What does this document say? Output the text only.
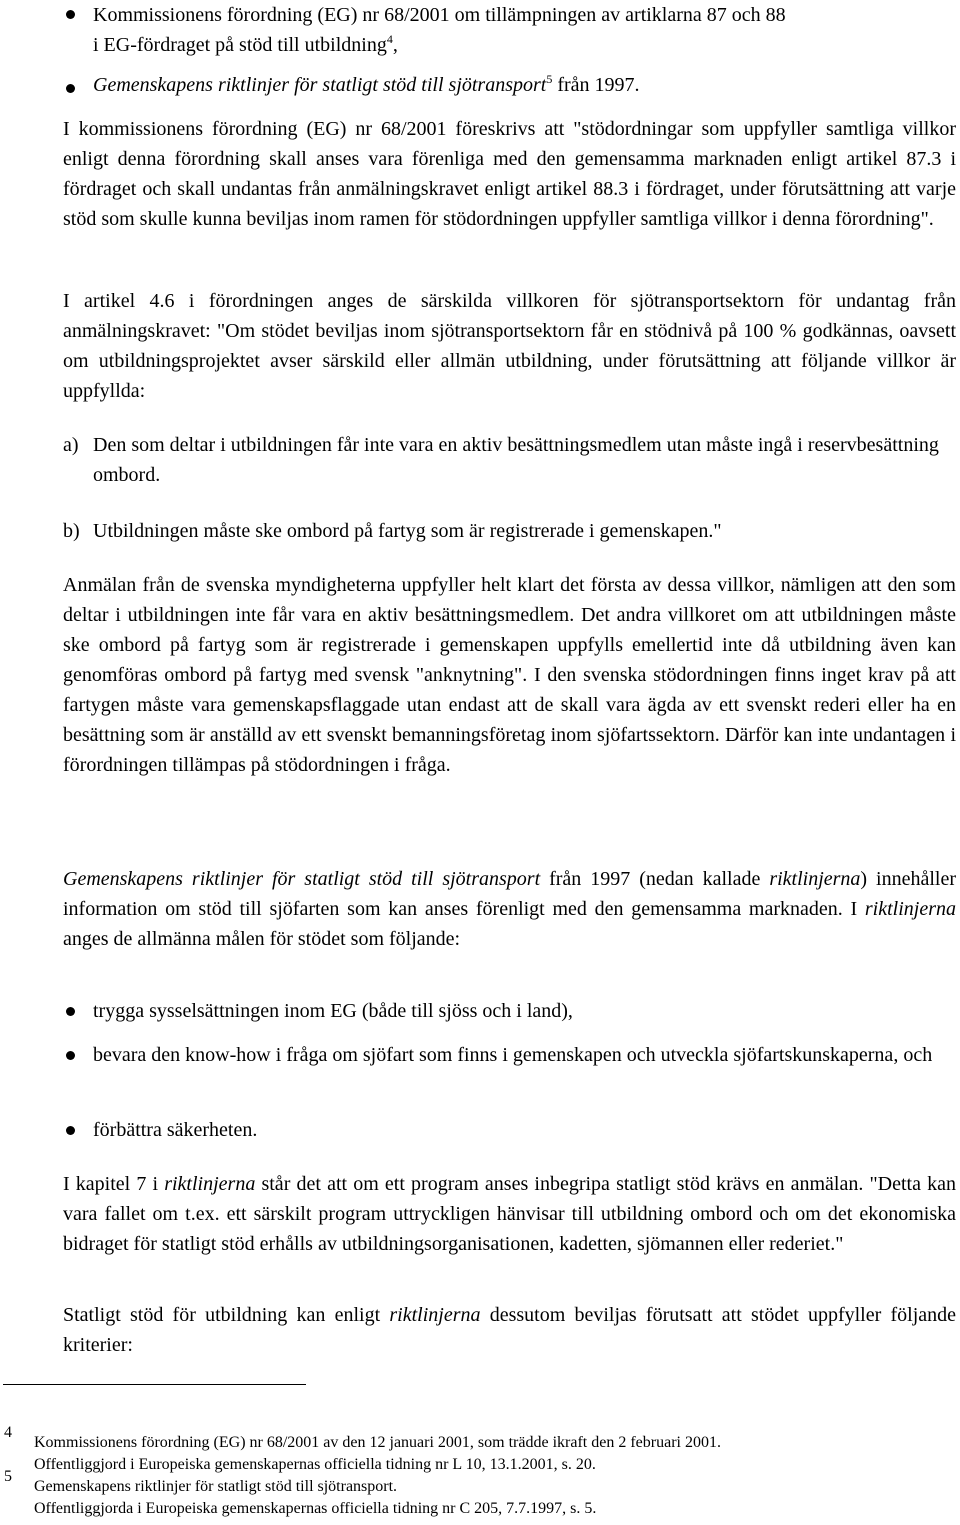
Kommissionens förordning (EG) nr 68/2001 om tillämpningen av artiklarna 87 och 88
i EG-fördraget på stöd till utbildning$^4$,

Gemenskapens riktlinjer för statligt stöd till sjötransport$^5$ från 1997.

I kommissionens förordning (EG) nr 68/2001 föreskrivs att "stödordningar som uppfyller samtliga villkor enligt denna förordning skall anses vara förenliga med den gemensamma marknaden enligt artikel 87.3 i fördraget och skall undantas från anmälningskravet enligt artikel 88.3 i fördraget, under förutsättning att varje stöd som skulle kunna beviljas inom ramen för stödordningen uppfyller samtliga villkor i denna förordning".

I artikel 4.6 i förordningen anges de särskilda villkoren för sjötransportsektorn för undantag från anmälningskravet: "Om stödet beviljas inom sjötransportsektorn får en stödnivå på 100 % godkännas, oavsett om utbildningsprojektet avser särskild eller allmän utbildning, under förutsättning att följande villkor är uppfyllda:

a) Den som deltar i utbildningen får inte vara en aktiv besättningsmedlem utan måste ingå i reservbesättning ombord.
b) Utbildningen måste ske ombord på fartyg som är registrerade i gemenskapen."

Anmälan från de svenska myndigheterna uppfyller helt klart det första av dessa villkor, nämligen att den som deltar i utbildningen inte får vara en aktiv besättningsmedlem. Det andra villkoret om att utbildningen måste ske ombord på fartyg som är registrerade i gemenskapen uppfylls emellertid inte då utbildning även kan genomföras ombord på fartyg med svensk "anknytning". I den svenska stödordningen finns inget krav på att fartygen måste vara gemenskapsflaggade utan endast att de skall vara ägda av ett svenskt rederi eller ha en besättning som är anställd av ett svenskt bemanningsföretag inom sjöfartssektorn. Därför kan inte undantagen i förordningen tillämpas på stödordningen i fråga.

Gemenskapens riktlinjer för statligt stöd till sjötransport från 1997 (nedan kallade riktlinjerna) innehåller information om stöd till sjöfarten som kan anses förenligt med den gemensamma marknaden. I riktlinjerna anges de allmänna målen för stödet som följande:

trygga sysselsättningen inom EG (både till sjöss och i land),

bevara den know-how i fråga om sjöfart som finns i gemenskapen och utveckla sjöfartskunskaperna, och

förbättra säkerheten.

I kapitel 7 i riktlinjerna står det att om ett program anses inbegripa statligt stöd krävs en anmälan. "Detta kan vara fallet om t.ex. ett särskilt program uttryckligen hänvisar till utbildning ombord och om det ekonomiska bidraget för statligt stöd erhålls av utbildningsorganisationen, kadetten, sjömannen eller rederiet."

Statligt stöd för utbildning kan enligt riktlinjerna dessutom beviljas förutsatt att stödet uppfyller följande kriterier:

4
Kommissionens förordning (EG) nr 68/2001 av den 12 januari 2001, som trädde ikraft den 2 februari 2001.
Offentliggjord i Europeiska gemenskapernas officiella tidning nr L 10, 13.1.2001, s. 20.
5
Gemenskapens riktlinjer för statligt stöd till sjötransport.
Offentliggjorda i Europeiska gemenskapernas officiella tidning nr C 205, 7.7.1997, s. 5.
